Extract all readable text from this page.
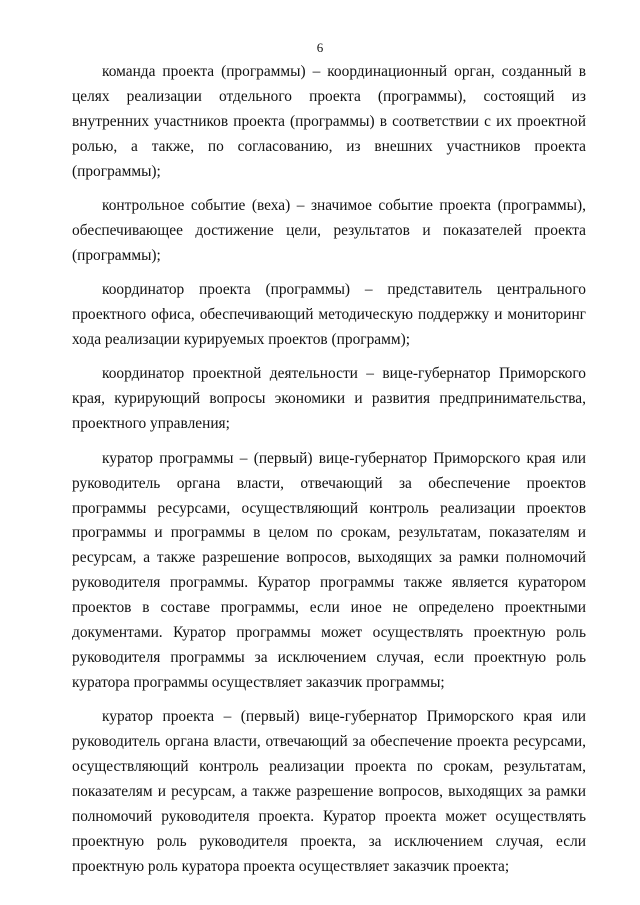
6

команда проекта (программы) – координационный орган, созданный в целях реализации отдельного проекта (программы), состоящий из внутренних участников проекта (программы) в соответствии с их проектной ролью, а также, по согласованию, из внешних участников проекта (программы);

контрольное событие (веха) – значимое событие проекта (программы), обеспечивающее достижение цели, результатов и показателей проекта (программы);

координатор проекта (программы) – представитель центрального проектного офиса, обеспечивающий методическую поддержку и мониторинг хода реализации курируемых проектов (программ);

координатор проектной деятельности – вице-губернатор Приморского края, курирующий вопросы экономики и развития предпринимательства, проектного управления;

куратор программы – (первый) вице-губернатор Приморского края или руководитель органа власти, отвечающий за обеспечение проектов программы ресурсами, осуществляющий контроль реализации проектов программы и программы в целом по срокам, результатам, показателям и ресурсам, а также разрешение вопросов, выходящих за рамки полномочий руководителя программы. Куратор программы также является куратором проектов в составе программы, если иное не определено проектными документами. Куратор программы может осуществлять проектную роль руководителя программы за исключением случая, если проектную роль куратора программы осуществляет заказчик программы;

куратор проекта – (первый) вице-губернатор Приморского края или руководитель органа власти, отвечающий за обеспечение проекта ресурсами, осуществляющий контроль реализации проекта по срокам, результатам, показателям и ресурсам, а также разрешение вопросов, выходящих за рамки полномочий руководителя проекта. Куратор проекта может осуществлять проектную роль руководителя проекта, за исключением случая, если проектную роль куратора проекта осуществляет заказчик проекта;
